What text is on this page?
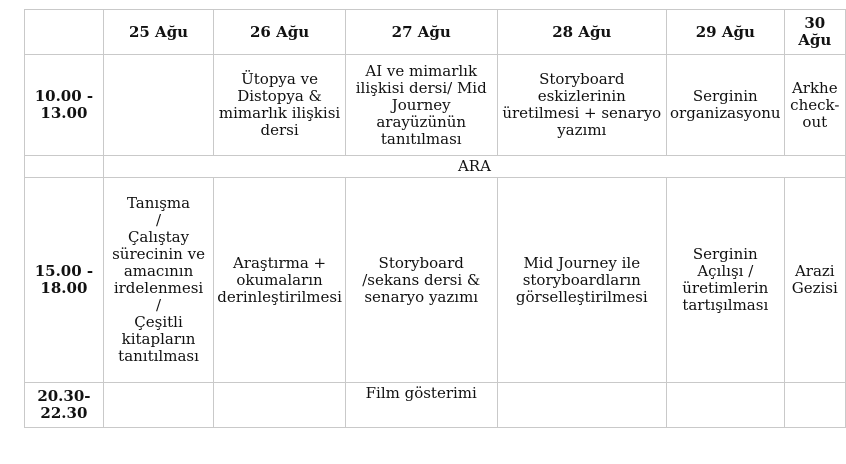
	25 Ağu	26 Ağu	27 Ağu	28 Ağu	29 Ağu	30 Ağu
10.00 - 13.00		Ütopya ve Distopya & mimarlık ilişkisi dersi	AI ve mimarlık ilişkisi dersi/ Mid Journey arayüzünün tanıtılması	Storyboard eskizlerinin üretilmesi + senaryo yazımı	Serginin organizasyonu	Arkhe check-out
	ARA					
15.00 - 18.00	Tanışma
/
Çalıştay sürecinin ve amacının irdelenmesi
/
Çeşitli kitapların tanıtılması	Araştırma + okumaların derinleştirilmesi	Storyboard /sekans dersi & senaryo yazımı	Mid Journey ile storyboardların görselleştirilmesi	Serginin Açılışı / üretimlerin tartışılması	Arazi Gezisi
20.30- 22.30			Film gösterimi			
